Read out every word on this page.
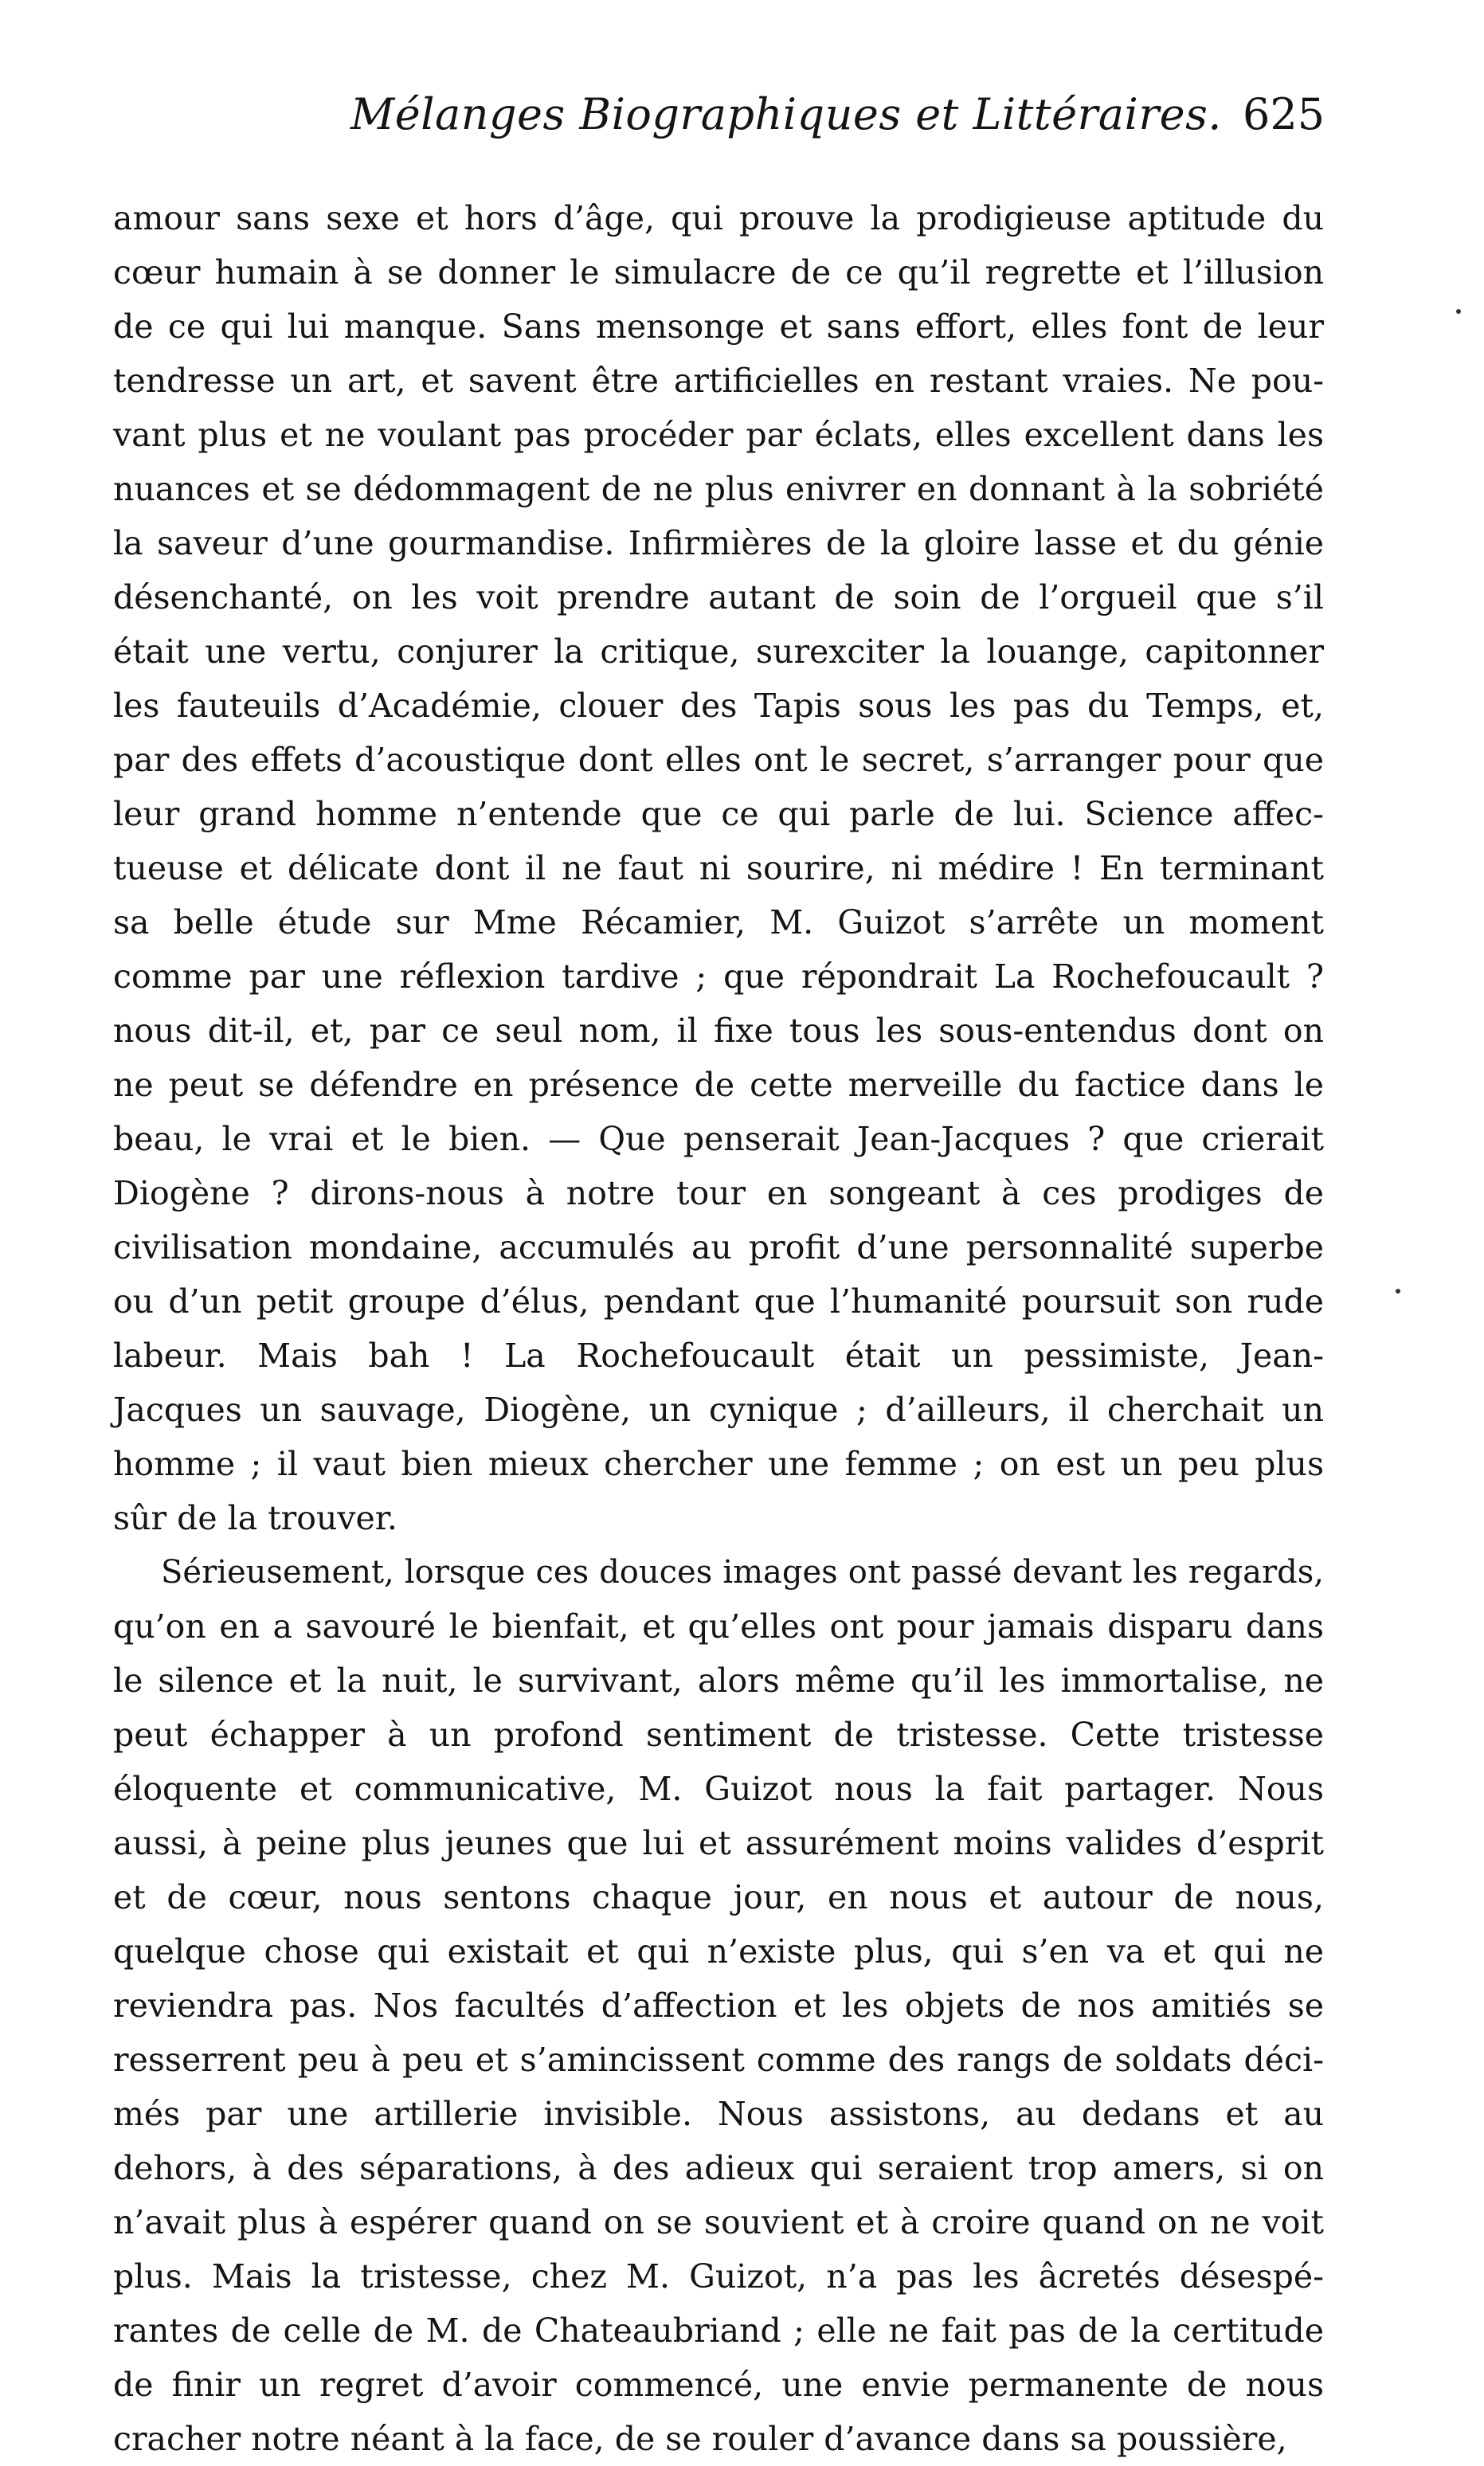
Mélanges Biographiques et Littéraires. 625
amour sans sexe et hors d’âge, qui prouve la prodigieuse aptitude du
cœur humain à se donner le simulacre de ce qu’il regrette et l’illusion
de ce qui lui manque. Sans mensonge et sans effort, elles font de leur
tendresse un art, et savent être artificielles en restant vraies. Ne pou-
vant plus et ne voulant pas procéder par éclats, elles excellent dans les
nuances et se dédommagent de ne plus enivrer en donnant à la sobriété
la saveur d’une gourmandise. Infirmières de la gloire lasse et du génie
désenchanté, on les voit prendre autant de soin de l’orgueil que s’il
était une vertu, conjurer la critique, surexciter la louange, capitonner
les fauteuils d’Académie, clouer des Tapis sous les pas du Temps, et,
par des effets d’acoustique dont elles ont le secret, s’arranger pour que
leur grand homme n’entende que ce qui parle de lui. Science affec-
tueuse et délicate dont il ne faut ni sourire, ni médire ! En terminant
sa belle étude sur Mme Récamier, M. Guizot s’arrête un moment
comme par une réflexion tardive ; que répondrait La Rochefoucault ?
nous dit-il, et, par ce seul nom, il fixe tous les sous-entendus dont on
ne peut se défendre en présence de cette merveille du factice dans le
beau, le vrai et le bien. — Que penserait Jean-Jacques ? que crierait
Diogène ? dirons-nous à notre tour en songeant à ces prodiges de
civilisation mondaine, accumulés au profit d’une personnalité superbe
ou d’un petit groupe d’élus, pendant que l’humanité poursuit son rude
labeur. Mais bah ! La Rochefoucault était un pessimiste, Jean-
Jacques un sauvage, Diogène, un cynique ; d’ailleurs, il cherchait un
homme ; il vaut bien mieux chercher une femme ; on est un peu plus
sûr de la trouver.
Sérieusement, lorsque ces douces images ont passé devant les regards,
qu’on en a savouré le bienfait, et qu’elles ont pour jamais disparu dans
le silence et la nuit, le survivant, alors même qu’il les immortalise, ne
peut échapper à un profond sentiment de tristesse. Cette tristesse
éloquente et communicative, M. Guizot nous la fait partager. Nous
aussi, à peine plus jeunes que lui et assurément moins valides d’esprit
et de cœur, nous sentons chaque jour, en nous et autour de nous,
quelque chose qui existait et qui n’existe plus, qui s’en va et qui ne
reviendra pas. Nos facultés d’affection et les objets de nos amitiés se
resserrent peu à peu et s’amincissent comme des rangs de soldats déci-
més par une artillerie invisible. Nous assistons, au dedans et au
dehors, à des séparations, à des adieux qui seraient trop amers, si on
n’avait plus à espérer quand on se souvient et à croire quand on ne voit
plus. Mais la tristesse, chez M. Guizot, n’a pas les âcretés désespé-
rantes de celle de M. de Chateaubriand ; elle ne fait pas de la certitude
de finir un regret d’avoir commencé, une envie permanente de nous
cracher notre néant à la face, de se rouler d’avance dans sa poussière,
